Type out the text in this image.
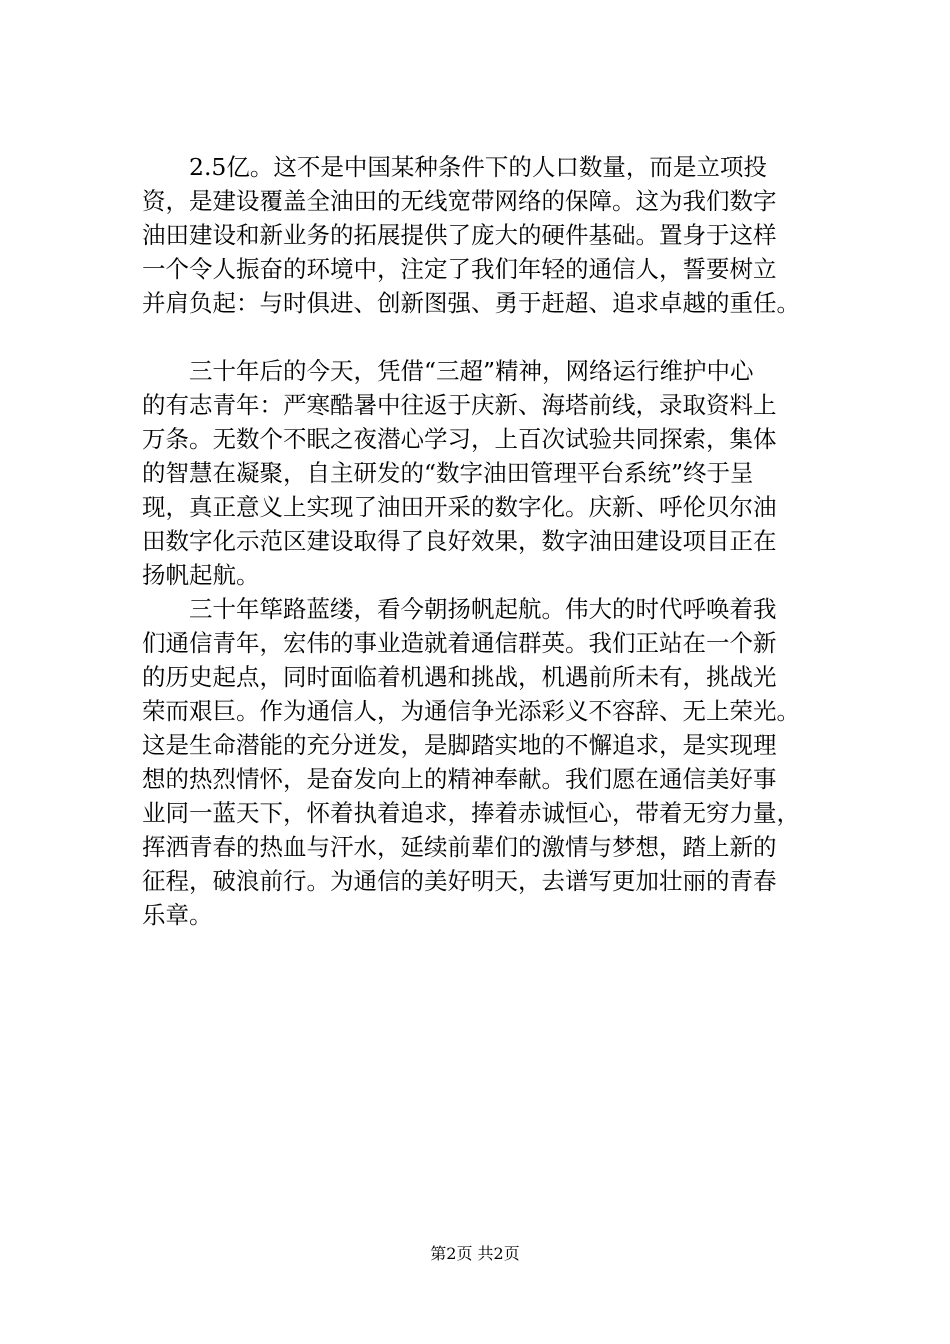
2.5亿。这不是中国某种条件下的人口数量，而是立项投
资，是建设覆盖全油田的无线宽带网络的保障。这为我们数字
油田建设和新业务的拓展提供了庞大的硬件基础。置身于这样
一个令人振奋的环境中，注定了我们年轻的通信人，誓要树立
并肩负起：与时俱进、创新图强、勇于赶超、追求卓越的重任。
三十年后的今天，凭借“三超”精神，网络运行维护中心
的有志青年：严寒酷暑中往返于庆新、海塔前线，录取资料上
万条。无数个不眠之夜潜心学习，上百次试验共同探索，集体
的智慧在凝聚，自主研发的“数字油田管理平台系统”终于呈
现，真正意义上实现了油田开采的数字化。庆新、呼伦贝尔油
田数字化示范区建设取得了良好效果，数字油田建设项目正在
扬帆起航。
三十年筚路蓝缕，看今朝扬帆起航。伟大的时代呼唤着我
们通信青年，宏伟的事业造就着通信群英。我们正站在一个新
的历史起点，同时面临着机遇和挑战，机遇前所未有，挑战光
荣而艰巨。作为通信人，为通信争光添彩义不容辞、无上荣光。
这是生命潜能的充分迸发，是脚踏实地的不懈追求，是实现理
想的热烈情怀，是奋发向上的精神奉献。我们愿在通信美好事
业同一蓝天下，怀着执着追求，捧着赤诚恒心，带着无穷力量，
挥洒青春的热血与汗水，延续前辈们的激情与梦想，踏上新的
征程，破浪前行。为通信的美好明天，去谱写更加壮丽的青春
乐章。
第2页 共2页
